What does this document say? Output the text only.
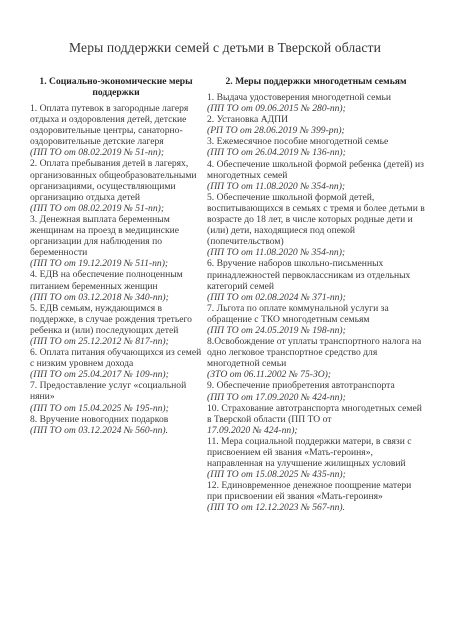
Меры поддержки семей с детьми в Тверской области
1. Социально-экономические меры поддержки
1. Оплата путевок в загородные лагеря отдыха и оздоровления детей, детские оздоровительные центры, санаторно-оздоровительные детские лагеря
(ПП ТО от 08.02.2019 № 51-пп);
2. Оплата пребывания детей в лагерях, организованных общеобразовательными организациями, осуществляющими организацию отдыха детей
(ПП ТО от 08.02.2019 № 51-пп);
3. Денежная выплата беременным женщинам на проезд в медицинские организации для наблюдения по беременности
(ПП ТО от 19.12.2019 № 511-пп);
4. ЕДВ на обеспечение полноценным питанием беременных женщин
(ПП ТО от 03.12.2018 № 340-пп);
5. ЕДВ семьям, нуждающимся в поддержке, в случае рождения третьего ребенка и (или) последующих детей
(ПП ТО от 25.12.2012 № 817-пп);
6. Оплата питания обучающихся из семей с низким уровнем дохода
(ПП ТО от 25.04.2017 № 109-пп);
7. Предоставление услуг «социальной няни»
(ПП ТО от 15.04.2025 № 195-пп);
8. Вручение новогодних подарков
(ПП ТО от 03.12.2024 № 560-пп).
2. Меры поддержки многодетным семьям
1. Выдача удостоверения многодетной семьи
(ПП ТО от 09.06.2015 № 280-пп);
2. Установка АДПИ
(РП ТО от 28.06.2019 № 399-рп);
3. Ежемесячное пособие многодетной семье
(ПП ТО от 26.04.2019 № 136-пп);
4. Обеспечение школьной формой ребенка (детей) из многодетных семей
(ПП ТО от 11.08.2020 № 354-пп);
5. Обеспечение школьной формой детей, воспитывающихся в семьях с тремя и более детьми в возрасте до 18 лет, в числе которых родные дети и (или) дети, находящиеся под опекой (попечительством)
(ПП ТО от 11.08.2020 № 354-пп);
6. Вручение наборов школьно-письменных принадлежностей первоклассникам из отдельных категорий семей
(ПП ТО от 02.08.2024 № 371-пп);
7. Льгота по оплате коммунальной услуги за обращение с ТКО многодетным семьям
(ПП ТО от 24.05.2019 № 198-пп);
8.Освобождение от уплаты транспортного налога на одно легковое транспортное средство для многодетной семьи
(ЗТО от 06.11.2002 № 75-ЗО);
9. Обеспечение приобретения автотранспорта
(ПП ТО от 17.09.2020 № 424-пп);
10. Страхование автотранспорта многодетных семей в Тверской области (ПП ТО от
17.09.2020 № 424-пп);
11. Мера социальной поддержки матери, в связи с присвоением ей звания «Мать-героиня», направленная на улучшение жилищных условий
(ПП ТО от 15.08.2025 № 435-пп);
12. Единовременное денежное поощрение матери при присвоении ей звания «Мать-героиня»
(ПП ТО от 12.12.2023 № 567-пп).
